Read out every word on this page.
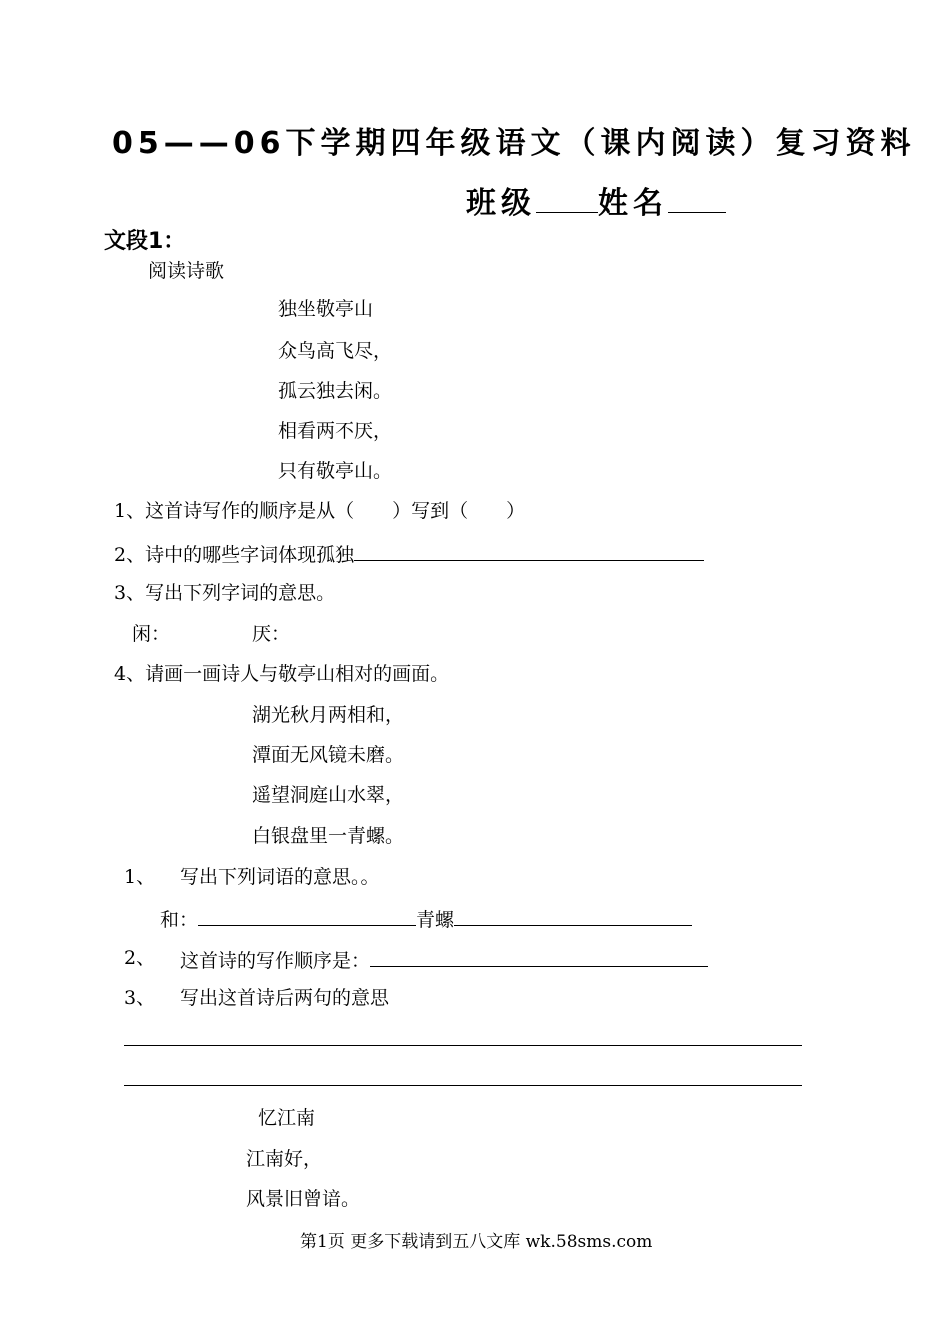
05——06下学期四年级语文（课内阅读）复习资料
班级 姓名
文段1：
阅读诗歌
独坐敬亭山
众鸟高飞尽，
孤云独去闲。
相看两不厌，
只有敬亭山。
1、这首诗写作的顺序是从（ ）写到（ ）
2、诗中的哪些字词体现孤独
3、写出下列字词的意思。
闲：	厌：
4、请画一画诗人与敬亭山相对的画面。
湖光秋月两相和，
潭面无风镜未磨。
遥望洞庭山水翠，
白银盘里一青螺。
1、 写出下列词语的意思。。
和：	青螺
2、 这首诗的写作顺序是：
3、 写出这首诗后两句的意思
忆江南
江南好，
风景旧曾谙。
第1页 更多下载请到五八文库 wk.58sms.com
